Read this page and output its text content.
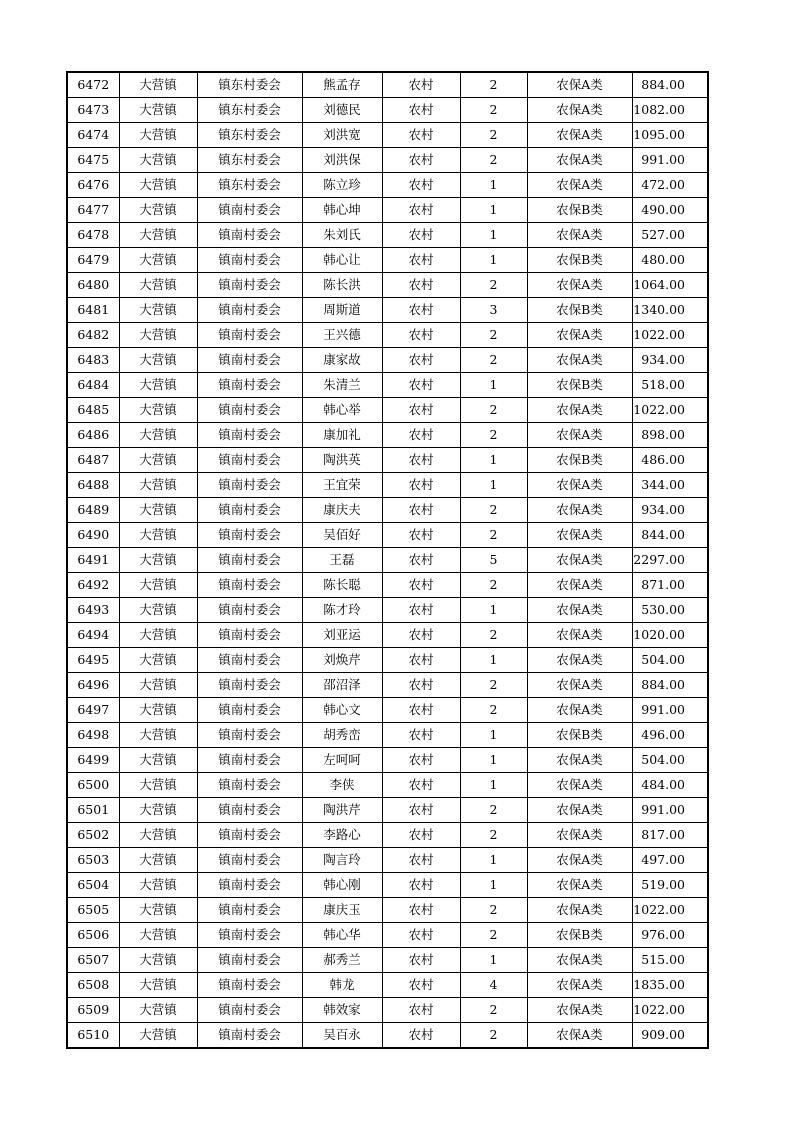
6472	大营镇	镇东村委会	熊孟存	农村	2	农保A类	884.00
6473	大营镇	镇东村委会	刘德民	农村	2	农保A类	1082.00
6474	大营镇	镇东村委会	刘洪宽	农村	2	农保A类	1095.00
6475	大营镇	镇东村委会	刘洪保	农村	2	农保A类	991.00
6476	大营镇	镇东村委会	陈立珍	农村	1	农保A类	472.00
6477	大营镇	镇南村委会	韩心坤	农村	1	农保B类	490.00
6478	大营镇	镇南村委会	朱刘氏	农村	1	农保A类	527.00
6479	大营镇	镇南村委会	韩心让	农村	1	农保B类	480.00
6480	大营镇	镇南村委会	陈长洪	农村	2	农保A类	1064.00
6481	大营镇	镇南村委会	周斯道	农村	3	农保B类	1340.00
6482	大营镇	镇南村委会	王兴德	农村	2	农保A类	1022.00
6483	大营镇	镇南村委会	康家故	农村	2	农保A类	934.00
6484	大营镇	镇南村委会	朱清兰	农村	1	农保B类	518.00
6485	大营镇	镇南村委会	韩心举	农村	2	农保A类	1022.00
6486	大营镇	镇南村委会	康加礼	农村	2	农保A类	898.00
6487	大营镇	镇南村委会	陶洪英	农村	1	农保B类	486.00
6488	大营镇	镇南村委会	王宜荣	农村	1	农保A类	344.00
6489	大营镇	镇南村委会	康庆夫	农村	2	农保A类	934.00
6490	大营镇	镇南村委会	吴佰好	农村	2	农保A类	844.00
6491	大营镇	镇南村委会	王磊	农村	5	农保A类	2297.00
6492	大营镇	镇南村委会	陈长聪	农村	2	农保A类	871.00
6493	大营镇	镇南村委会	陈才玲	农村	1	农保A类	530.00
6494	大营镇	镇南村委会	刘亚运	农村	2	农保A类	1020.00
6495	大营镇	镇南村委会	刘焕芹	农村	1	农保A类	504.00
6496	大营镇	镇南村委会	邵沼泽	农村	2	农保A类	884.00
6497	大营镇	镇南村委会	韩心文	农村	2	农保A类	991.00
6498	大营镇	镇南村委会	胡秀峦	农村	1	农保B类	496.00
6499	大营镇	镇南村委会	左呵呵	农村	1	农保A类	504.00
6500	大营镇	镇南村委会	李侠	农村	1	农保A类	484.00
6501	大营镇	镇南村委会	陶洪芹	农村	2	农保A类	991.00
6502	大营镇	镇南村委会	李路心	农村	2	农保A类	817.00
6503	大营镇	镇南村委会	陶言玲	农村	1	农保A类	497.00
6504	大营镇	镇南村委会	韩心刚	农村	1	农保A类	519.00
6505	大营镇	镇南村委会	康庆玉	农村	2	农保A类	1022.00
6506	大营镇	镇南村委会	韩心华	农村	2	农保B类	976.00
6507	大营镇	镇南村委会	郝秀兰	农村	1	农保A类	515.00
6508	大营镇	镇南村委会	韩龙	农村	4	农保A类	1835.00
6509	大营镇	镇南村委会	韩效家	农村	2	农保A类	1022.00
6510	大营镇	镇南村委会	吴百永	农村	2	农保A类	909.00
